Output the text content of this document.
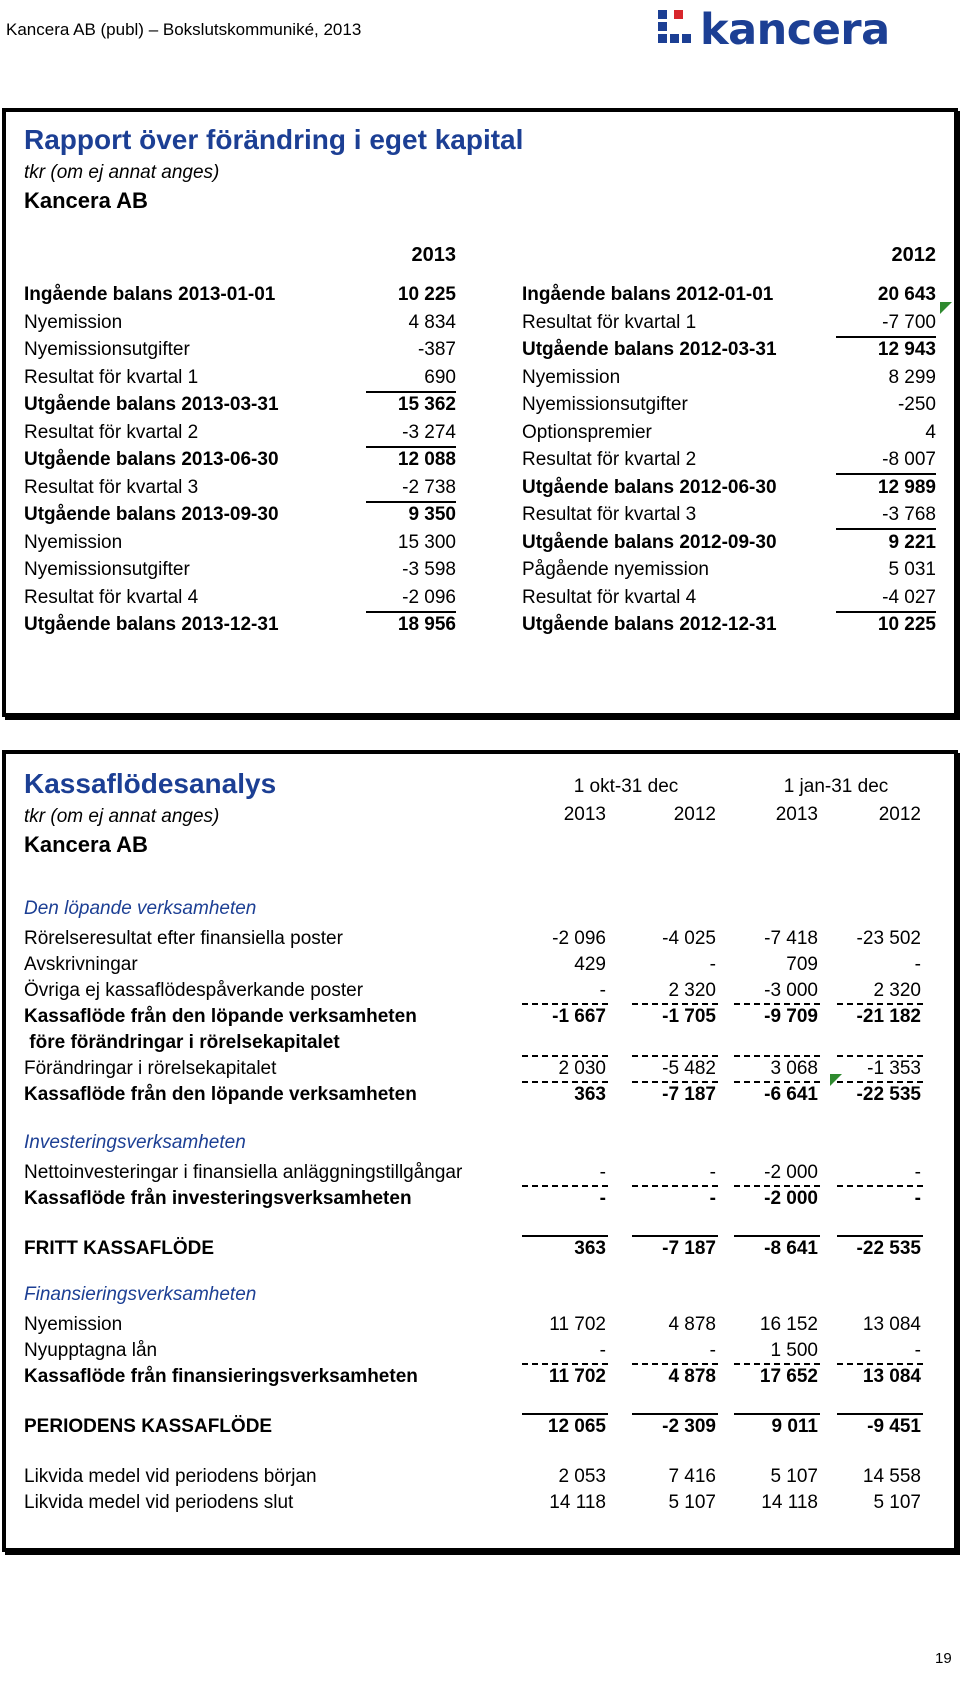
Kancera AB (publ) – Bokslutskommuniké, 2013	kancera
Rapport över förändring i eget kapital
tkr (om ej annat anges)
Kancera AB
2013	2012
Ingående balans 2013-01-01	10 225
Nyemission	4 834
Nyemissionsutgifter	-387
Resultat för kvartal 1	690
Utgående balans 2013-03-31	15 362
Resultat för kvartal 2	-3 274
Utgående balans 2013-06-30	12 088
Resultat för kvartal 3	-2 738
Utgående balans 2013-09-30	9 350
Nyemission	15 300
Nyemissionsutgifter	-3 598
Resultat för kvartal 4	-2 096
Utgående balans 2013-12-31	18 956
Ingående balans 2012-01-01	20 643
Resultat för kvartal 1	-7 700
Utgående balans 2012-03-31	12 943
Nyemission	8 299
Nyemissionsutgifter	-250
Optionspremier	4
Resultat för kvartal 2	-8 007
Utgående balans 2012-06-30	12 989
Resultat för kvartal 3	-3 768
Utgående balans 2012-09-30	9 221
Pågående nyemission	5 031
Resultat för kvartal 4	-4 027
Utgående balans 2012-12-31	10 225
Kassaflödesanalys
tkr (om ej annat anges)
Kancera AB
1 okt-31 dec	1 jan-31 dec
2013	2012	2013	2012
Den löpande verksamheten
Investeringsverksamheten
Finansieringsverksamheten
Rörelseresultat efter finansiella poster	-2 096	-4 025	-7 418	-23 502
Avskrivningar	429	-	709	-
Övriga ej kassaflödespåverkande poster	-	2 320	-3 000	2 320
Kassaflöde från den löpande verksamheten
före förändringar i rörelsekapitalet
-1 667	-1 705	-9 709	-21 182
Förändringar i rörelsekapitalet	2 030	-5 482	3 068	-1 353
Kassaflöde från den löpande verksamheten	363	-7 187	-6 641	-22 535
Nettoinvesteringar i finansiella anläggningstillgångar	-	-	-2 000	-
Kassaflöde från investeringsverksamheten	-	-	-2 000	-
FRITT KASSAFLÖDE	363	-7 187	-8 641	-22 535
Nyemission	11 702	4 878	16 152	13 084
Nyupptagna lån	-	-	1 500	-
Kassaflöde från finansieringsverksamheten	11 702	4 878	17 652	13 084
PERIODENS KASSAFLÖDE	12 065	-2 309	9 011	-9 451
Likvida medel vid periodens början	2 053	7 416	5 107	14 558
Likvida medel vid periodens slut	14 118	5 107	14 118	5 107
19
